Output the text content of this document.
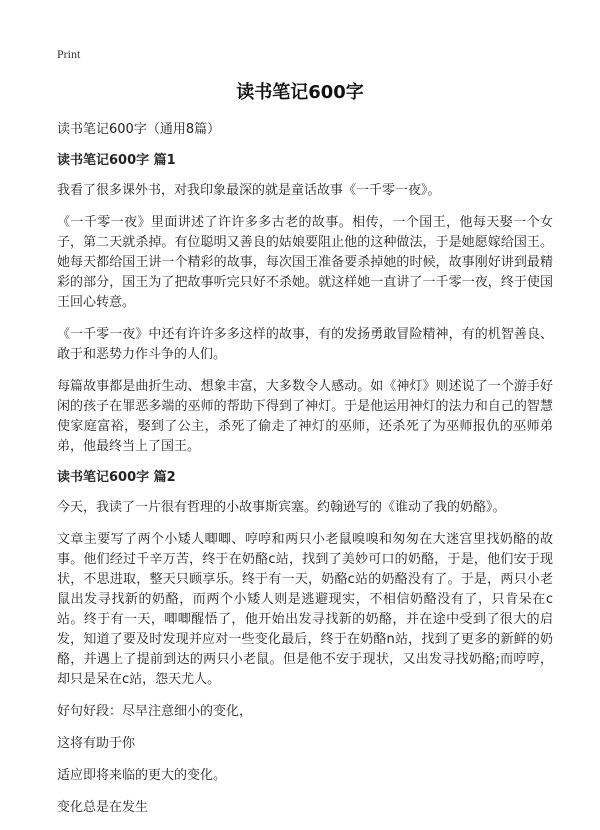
Print
读书笔记600字
读书笔记600字（通用8篇）
读书笔记600字 篇1

我看了很多课外书，对我印象最深的就是童话故事《一千零一夜》。

《一千零一夜》里面讲述了许许多多古老的故事。相传，一个国王，他每天娶一个女子，第二天就杀掉。有位聪明又善良的姑娘要阻止他的这种做法，于是她愿嫁给国王。她每天都给国王讲一个精彩的故事，每次国王准备要杀掉她的时候，故事刚好讲到最精彩的部分，国王为了把故事听完只好不杀她。就这样她一直讲了一千零一夜，终于使国王回心转意。

《一千零一夜》中还有许许多多这样的故事，有的发扬勇敢冒险精神，有的机智善良、敢于和恶势力作斗争的人们。

每篇故事都是曲折生动、想象丰富，大多数令人感动。如《神灯》则述说了一个游手好闲的孩子在罪恶多端的巫师的帮助下得到了神灯。于是他运用神灯的法力和自己的智慧使家庭富裕，娶到了公主，杀死了偷走了神灯的巫师，还杀死了为巫师报仇的巫师弟弟，他最终当上了国王。

读书笔记600字 篇2

今天，我读了一片很有哲理的小故事斯宾塞。约翰逊写的《谁动了我的奶酪》。

文章主要写了两个小矮人唧唧、哼哼和两只小老鼠嗅嗅和匆匆在大迷宫里找奶酪的故事。他们经过千辛万苦，终于在奶酪c站，找到了美妙可口的奶酪，于是，他们安于现状，不思进取，整天只顾享乐。终于有一天，奶酪c站的奶酪没有了。于是，两只小老鼠出发寻找新的奶酪，而两个小矮人则是逃避现实，不相信奶酪没有了，只肯呆在c站。终于有一天，唧唧醒悟了，他开始出发寻找新的奶酪，并在途中受到了很大的启发，知道了要及时发现并应对一些变化最后，终于在奶酪n站，找到了更多的新鲜的奶酪，并遇上了提前到达的两只小老鼠。但是他不安于现状，又出发寻找奶酪;而哼哼，却只是呆在c站，怨天尤人。

好句好段：尽早注意细小的变化，

这将有助于你

适应即将来临的更大的变化。

变化总是在发生
